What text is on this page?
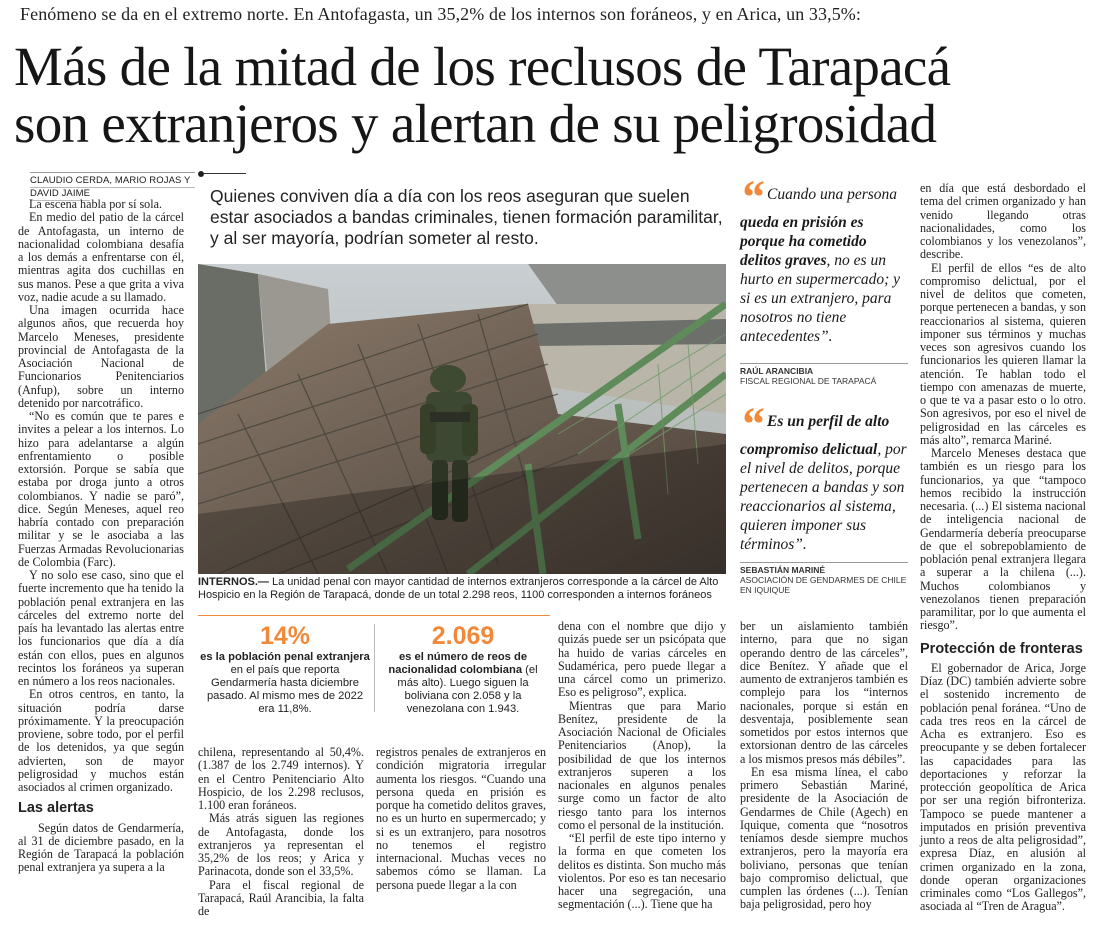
Fenómeno se da en el extremo norte. En Antofagasta, un 35,2% de los internos son foráneos, y en Arica, un 33,5%:
Más de la mitad de los reclusos de Tarapacá
son extranjeros y alertan de su peligrosidad
CLAUDIO CERDA, MARIO ROJAS Y
DAVID JAIME

La escena habla por sí sola.

En medio del patio de la cárcel de Antofagasta, un interno de nacionalidad colombiana desafía a los demás a enfrentarse con él, mientras agita dos cuchillas en sus manos. Pese a que grita a viva voz, nadie acude a su llamado.

Una imagen ocurrida hace algunos años, que recuerda hoy Marcelo Meneses, presidente provincial de Antofagasta de la Asociación Nacional de Funcionarios Penitenciarios (Anfup), sobre un interno detenido por narcotráfico.

“No es común que te pares e invites a pelear a los internos. Lo hizo para adelantarse a algún enfrentamiento o posible extorsión. Porque se sabía que estaba por droga junto a otros colombianos. Y nadie se paró”, dice. Según Meneses, aquel reo habría contado con preparación militar y se le asociaba a las Fuerzas Armadas Revolucionarias de Colombia (Farc).

Y no solo ese caso, sino que el fuerte incremento que ha tenido la población penal extranjera en las cárceles del extremo norte del país ha levantado las alertas entre los funcionarios que día a día están con ellos, pues en algunos recintos los foráneos ya superan en número a los reos nacionales.

En otros centros, en tanto, la situación podría darse próximamente. Y la preocupación proviene, sobre todo, por el perfil de los detenidos, ya que según advierten, son de mayor peligrosidad y muchos están asociados al crimen organizado.

Las alertas

Según datos de Gendarmería, al 31 de diciembre pasado, en la Región de Tarapacá la población penal extranjera ya supera a la

Quienes conviven día a día con los reos aseguran que suelen estar asociados a bandas criminales, tienen formación paramilitar, y al ser mayoría, podrían someter al resto.
INTERNOS.— La unidad penal con mayor cantidad de internos extranjeros corresponde a la cárcel de Alto Hospicio en la Región de Tarapacá, donde de un total 2.298 reos, 1100 corresponden a internos foráneos
14%
es la población penal extranjera en el país que reporta Gendarmería hasta diciembre pasado. Al mismo mes de 2022 era 11,8%.
2.069
es el número de reos de nacionalidad colombiana (el más alto). Luego siguen la boliviana con 2.058 y la venezolana con 1.943.

chilena, representando al 50,4%. (1.387 de los 2.749 internos). Y en el Centro Penitenciario Alto Hospicio, de los 2.298 reclusos, 1.100 eran foráneos.

Más atrás siguen las regiones de Antofagasta, donde los extranjeros ya representan el 35,2% de los reos; y Arica y Parinacota, donde son el 33,5%.

Para el fiscal regional de Tarapacá, Raúl Arancibia, la falta de

registros penales de extranjeros en condición migratoria irregular aumenta los riesgos. “Cuando una persona queda en prisión es porque ha cometido delitos graves, no es un hurto en supermercado; y si es un extranjero, para nosotros no tenemos el registro internacional. Muchas veces no sabemos cómo se llaman. La persona puede llegar a la con

dena con el nombre que dijo y quizás puede ser un psicópata que ha huido de varias cárceles en Sudamérica, pero puede llegar a una cárcel como un primerizo. Eso es peligroso”, explica.

Mientras que para Mario Benítez, presidente de la Asociación Nacional de Oficiales Penitenciarios (Anop), la posibilidad de que los internos extranjeros superen a los nacionales en algunos penales surge como un factor de alto riesgo tanto para los internos como el personal de la institución.

“El perfil de este tipo interno y la forma en que cometen los delitos es distinta. Son mucho más violentos. Por eso es tan necesario hacer una segregación, una segmentación (...). Tiene que ha

“ Cuando una persona queda en prisión es porque ha cometido delitos graves, no es un hurto en supermercado; y si es un extranjero, para nosotros no tiene antecedentes”.
RAÚL ARANCIBIA
FISCAL REGIONAL DE TARAPACÁ
“ Es un perfil de alto compromiso delictual, por el nivel de delitos, porque pertenecen a bandas y son reaccionarios al sistema, quieren imponer sus términos”.
SEBASTIÁN MARINÉ
ASOCIACIÓN DE GENDARMES DE CHILE EN IQUIQUE

ber un aislamiento también interno, para que no sigan operando dentro de las cárceles”, dice Benítez. Y añade que el aumento de extranjeros también es complejo para los “internos nacionales, porque si están en desventaja, posiblemente sean sometidos por estos internos que extorsionan dentro de las cárceles a los mismos presos más débiles”.

En esa misma línea, el cabo primero Sebastián Mariné, presidente de la Asociación de Gendarmes de Chile (Agech) en Iquique, comenta que “nosotros teníamos desde siempre muchos extranjeros, pero la mayoría era boliviano, personas que tenían bajo compromiso delictual, que cumplen las órdenes (...). Tenían baja peligrosidad, pero hoy

en día que está desbordado el tema del crimen organizado y han venido llegando otras nacionalidades, como los colombianos y los venezolanos”, describe.

El perfil de ellos “es de alto compromiso delictual, por el nivel de delitos que cometen, porque pertenecen a bandas, y son reaccionarios al sistema, quieren imponer sus términos y muchas veces son agresivos cuando los funcionarios les quieren llamar la atención. Te hablan todo el tiempo con amenazas de muerte, o que te va a pasar esto o lo otro. Son agresivos, por eso el nivel de peligrosidad en las cárceles es más alto”, remarca Mariné.

Marcelo Meneses destaca que también es un riesgo para los funcionarios, ya que “tampoco hemos recibido la instrucción necesaria. (...) El sistema nacional de inteligencia nacional de Gendarmería debería preocuparse de que el sobrepoblamiento de población penal extranjera llegara a superar a la chilena (...). Muchos colombianos y venezolanos tienen preparación paramilitar, por lo que aumenta el riesgo”.

Protección de fronteras

El gobernador de Arica, Jorge Díaz (DC) también advierte sobre el sostenido incremento de población penal foránea. “Uno de cada tres reos en la cárcel de Acha es extranjero. Eso es preocupante y se deben fortalecer las capacidades para las deportaciones y reforzar la protección geopolítica de Arica por ser una región bifronteriza. Tampoco se puede mantener a imputados en prisión preventiva junto a reos de alta peligrosidad”, expresa Díaz, en alusión al crimen organizado en la zona, donde operan organizaciones criminales como “Los Gallegos”, asociada al “Tren de Aragua”.
